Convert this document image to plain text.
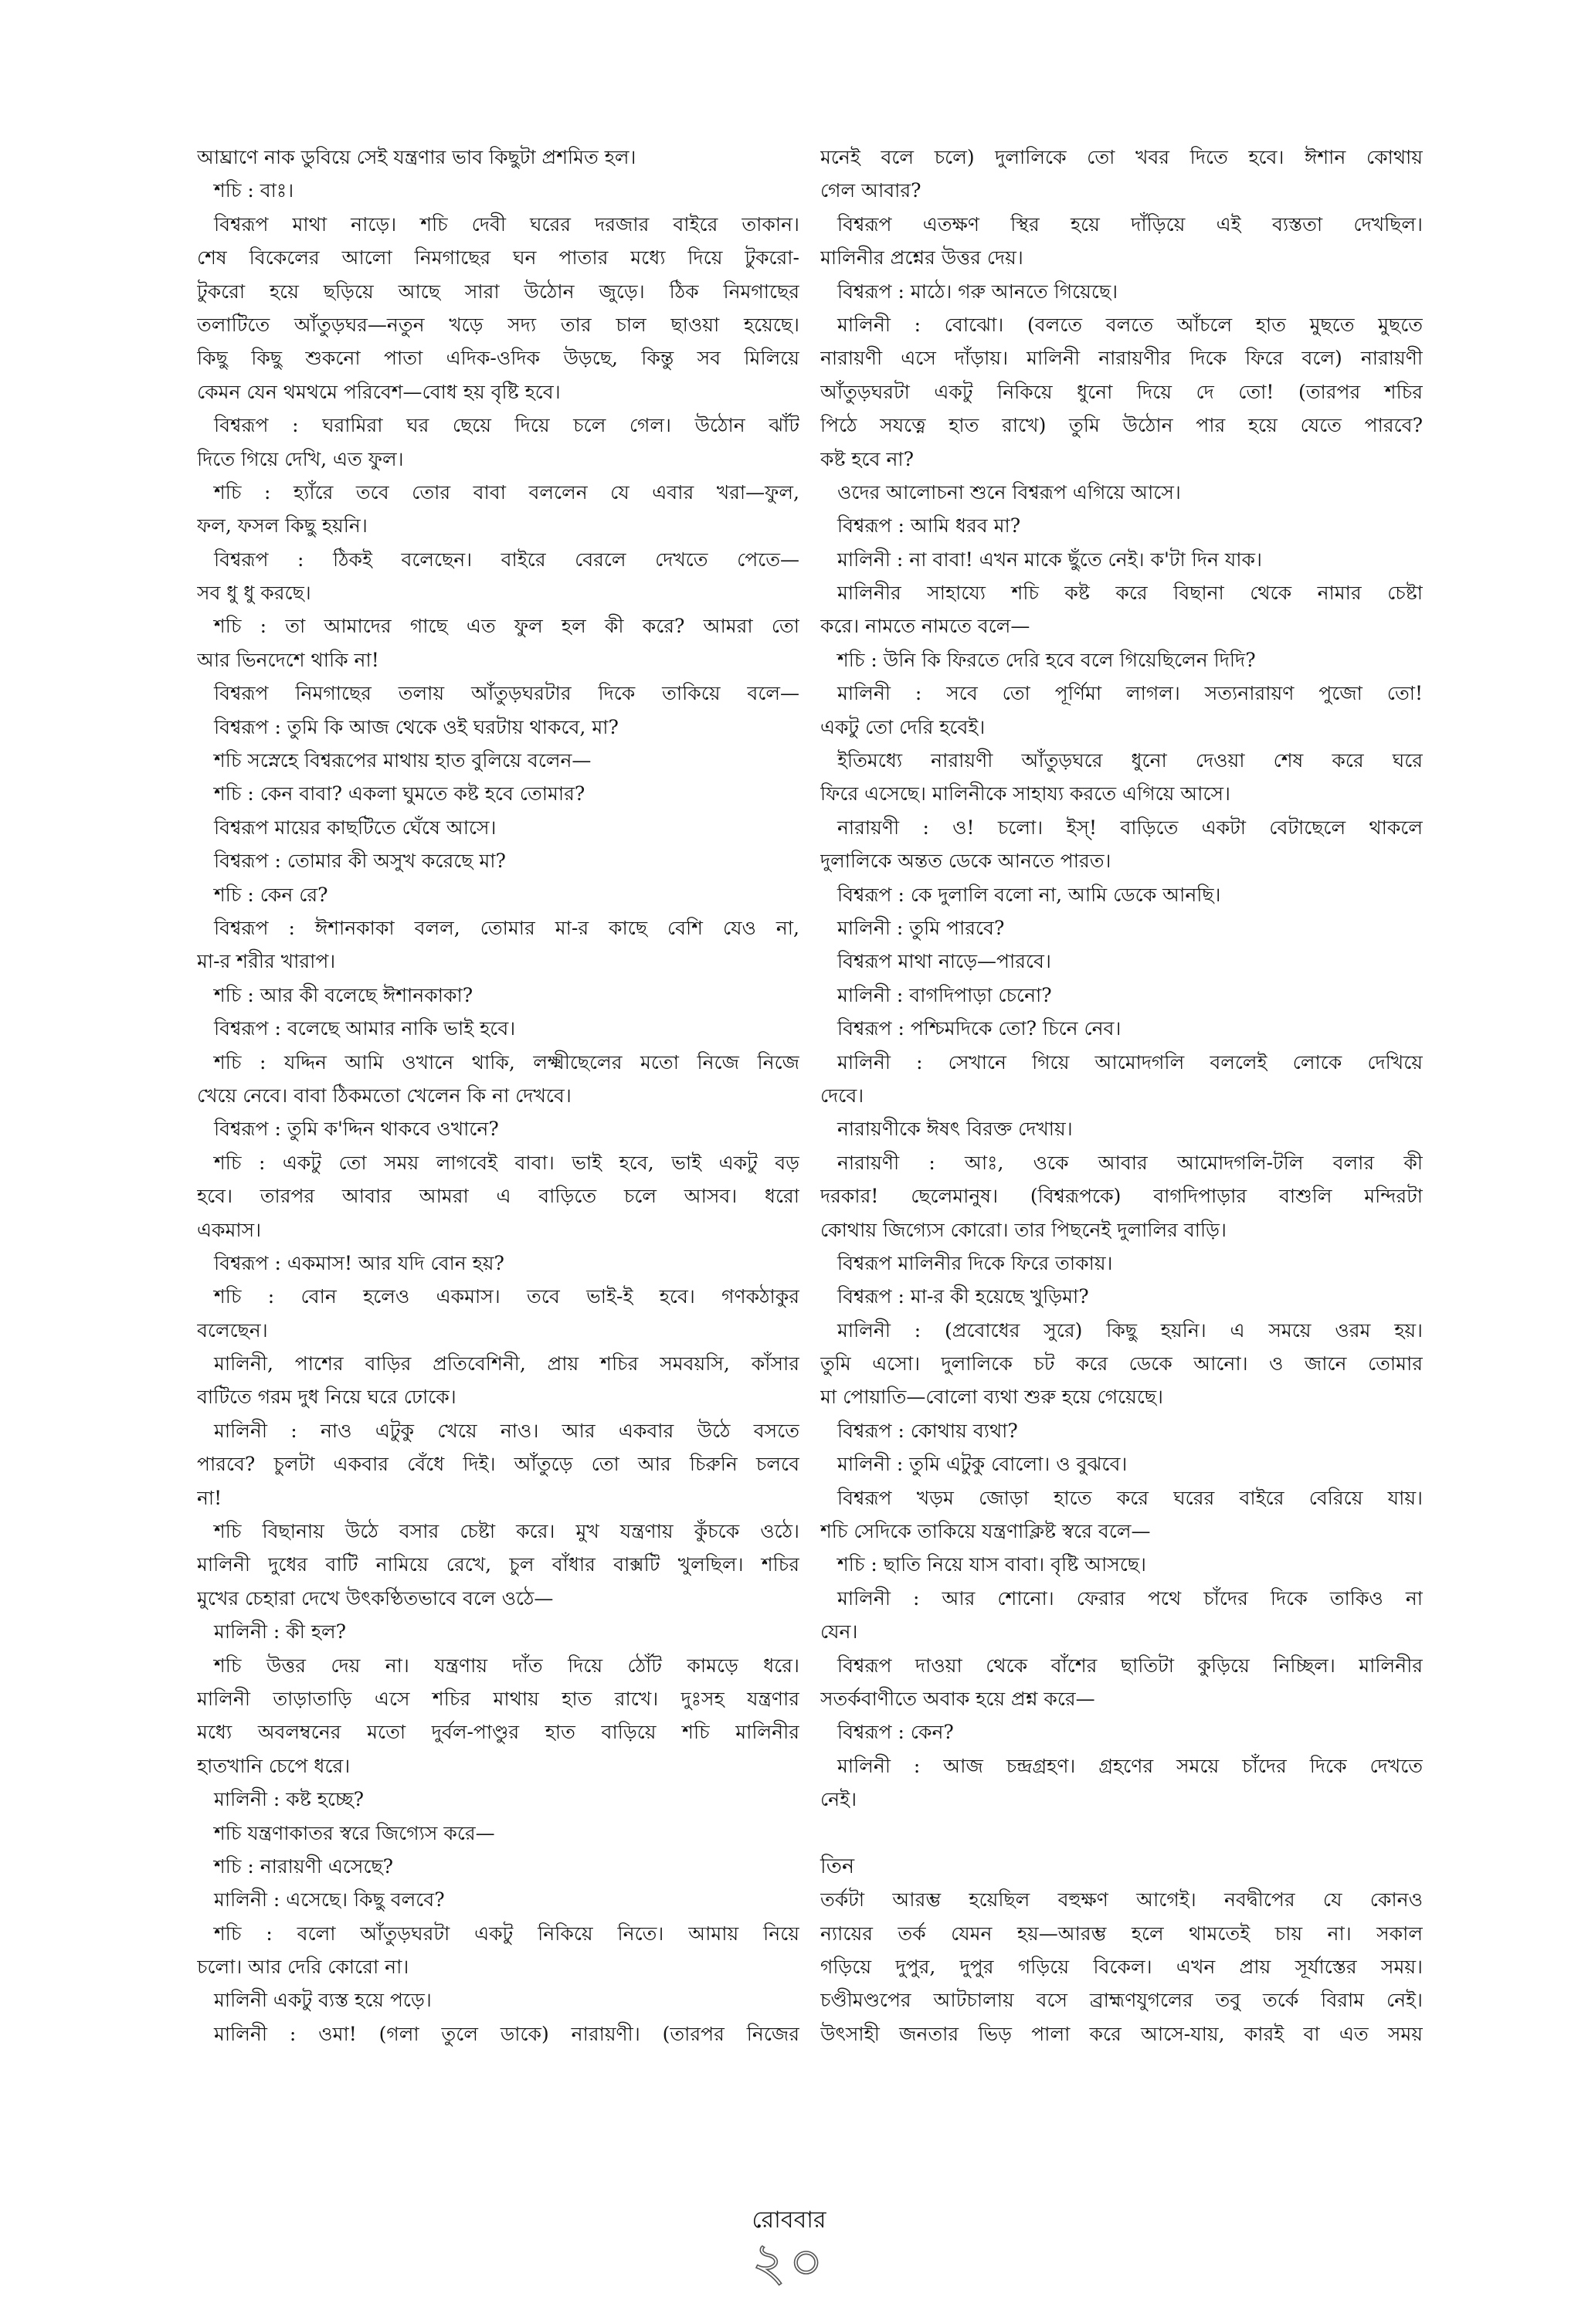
আঘ্রাণে নাক ডুবিয়ে সেই যন্ত্রণার ভাব কিছুটা প্রশমিত হল।
শচি : বাঃ।
বিশ্বরূপ মাথা নাড়ে। শচি দেবী ঘরের দরজার বাইরে তাকান।
শেষ বিকেলের আলো নিমগাছের ঘন পাতার মধ্যে দিয়ে টুকরো-
টুকরো হয়ে ছড়িয়ে আছে সারা উঠোন জুড়ে। ঠিক নিমগাছের
তলাটিতে আঁতুড়ঘর—নতুন খড়ে সদ্য তার চাল ছাওয়া হয়েছে।
কিছু কিছু শুকনো পাতা এদিক-ওদিক উড়ছে, কিন্তু সব মিলিয়ে
কেমন যেন থমথমে পরিবেশ—বোধ হয় বৃষ্টি হবে।
বিশ্বরূপ : ঘরামিরা ঘর ছেয়ে দিয়ে চলে গেল। উঠোন ঝাঁট
দিতে গিয়ে দেখি, এত ফুল।
শচি : হ্যাঁরে তবে তোর বাবা বললেন যে এবার খরা—ফুল,
ফল, ফসল কিছু হয়নি।
বিশ্বরূপ : ঠিকই বলেছেন। বাইরে বেরলে দেখতে পেতে—
সব ধু ধু করছে।
শচি : তা আমাদের গাছে এত ফুল হল কী করে? আমরা তো
আর ভিনদেশে থাকি না!
বিশ্বরূপ নিমগাছের তলায় আঁতুড়ঘরটার দিকে তাকিয়ে বলে—
বিশ্বরূপ : তুমি কি আজ থেকে ওই ঘরটায় থাকবে, মা?
শচি সস্নেহে বিশ্বরূপের মাথায় হাত বুলিয়ে বলেন—
শচি : কেন বাবা? একলা ঘুমতে কষ্ট হবে তোমার?
বিশ্বরূপ মায়ের কাছটিতে ঘেঁষে আসে।
বিশ্বরূপ : তোমার কী অসুখ করেছে মা?
শচি : কেন রে?
বিশ্বরূপ : ঈশানকাকা বলল, তোমার মা-র কাছে বেশি যেও না,
মা-র শরীর খারাপ।
শচি : আর কী বলেছে ঈশানকাকা?
বিশ্বরূপ : বলেছে আমার নাকি ভাই হবে।
শচি : যদ্দিন আমি ওখানে থাকি, লক্ষ্মীছেলের মতো নিজে নিজে
খেয়ে নেবে। বাবা ঠিকমতো খেলেন কি না দেখবে।
বিশ্বরূপ : তুমি ক'দ্দিন থাকবে ওখানে?
শচি : একটু তো সময় লাগবেই বাবা। ভাই হবে, ভাই একটু বড়
হবে। তারপর আবার আমরা এ বাড়িতে চলে আসব। ধরো
একমাস।
বিশ্বরূপ : একমাস! আর যদি বোন হয়?
শচি : বোন হলেও একমাস। তবে ভাই-ই হবে। গণকঠাকুর
বলেছেন।
মালিনী, পাশের বাড়ির প্রতিবেশিনী, প্রায় শচির সমবয়সি, কাঁসার
বাটিতে গরম দুধ নিয়ে ঘরে ঢোকে।
মালিনী : নাও এটুকু খেয়ে নাও। আর একবার উঠে বসতে
পারবে? চুলটা একবার বেঁধে দিই। আঁতুড়ে তো আর চিরুনি চলবে
না!
শচি বিছানায় উঠে বসার চেষ্টা করে। মুখ যন্ত্রণায় কুঁচকে ওঠে।
মালিনী দুধের বাটি নামিয়ে রেখে, চুল বাঁধার বাক্সটি খুলছিল। শচির
মুখের চেহারা দেখে উৎকণ্ঠিতভাবে বলে ওঠে—
মালিনী : কী হল?
শচি উত্তর দেয় না। যন্ত্রণায় দাঁত দিয়ে ঠোঁট কামড়ে ধরে।
মালিনী তাড়াতাড়ি এসে শচির মাথায় হাত রাখে। দুঃসহ যন্ত্রণার
মধ্যে অবলম্বনের মতো দুর্বল-পাণ্ডুর হাত বাড়িয়ে শচি মালিনীর
হাতখানি চেপে ধরে।
মালিনী : কষ্ট হচ্ছে?
শচি যন্ত্রণাকাতর স্বরে জিগ্যেস করে—
শচি : নারায়ণী এসেছে?
মালিনী : এসেছে। কিছু বলবে?
শচি : বলো আঁতুড়ঘরটা একটু নিকিয়ে নিতে। আমায় নিয়ে
চলো। আর দেরি কোরো না।
মালিনী একটু ব্যস্ত হয়ে পড়ে।
মালিনী : ওমা! (গলা তুলে ডাকে) নারায়ণী। (তারপর নিজের
মনেই বলে চলে) দুলালিকে তো খবর দিতে হবে। ঈশান কোথায়
গেল আবার?
বিশ্বরূপ এতক্ষণ স্থির হয়ে দাঁড়িয়ে এই ব্যস্ততা দেখছিল।
মালিনীর প্রশ্নের উত্তর দেয়।
বিশ্বরূপ : মাঠে। গরু আনতে গিয়েছে।
মালিনী : বোঝো। (বলতে বলতে আঁচলে হাত মুছতে মুছতে
নারায়ণী এসে দাঁড়ায়। মালিনী নারায়ণীর দিকে ফিরে বলে) নারায়ণী
আঁতুড়ঘরটা একটু নিকিয়ে ধুনো দিয়ে দে তো! (তারপর শচির
পিঠে সযত্নে হাত রাখে) তুমি উঠোন পার হয়ে যেতে পারবে?
কষ্ট হবে না?
ওদের আলোচনা শুনে বিশ্বরূপ এগিয়ে আসে।
বিশ্বরূপ : আমি ধরব মা?
মালিনী : না বাবা! এখন মাকে ছুঁতে নেই। ক'টা দিন যাক।
মালিনীর সাহায্যে শচি কষ্ট করে বিছানা থেকে নামার চেষ্টা
করে। নামতে নামতে বলে—
শচি : উনি কি ফিরতে দেরি হবে বলে গিয়েছিলেন দিদি?
মালিনী : সবে তো পূর্ণিমা লাগল। সত্যনারায়ণ পুজো তো!
একটু তো দেরি হবেই।
ইতিমধ্যে নারায়ণী আঁতুড়ঘরে ধুনো দেওয়া শেষ করে ঘরে
ফিরে এসেছে। মালিনীকে সাহায্য করতে এগিয়ে আসে।
নারায়ণী : ও! চলো। ইস্! বাড়িতে একটা বেটাছেলে থাকলে
দুলালিকে অন্তত ডেকে আনতে পারত।
বিশ্বরূপ : কে দুলালি বলো না, আমি ডেকে আনছি।
মালিনী : তুমি পারবে?
বিশ্বরূপ মাথা নাড়ে—পারবে।
মালিনী : বাগদিপাড়া চেনো?
বিশ্বরূপ : পশ্চিমদিকে তো? চিনে নেব।
মালিনী : সেখানে গিয়ে আমোদগলি বললেই লোকে দেখিয়ে
দেবে।
নারায়ণীকে ঈষৎ বিরক্ত দেখায়।
নারায়ণী : আঃ, ওকে আবার আমোদগলি-টলি বলার কী
দরকার! ছেলেমানুষ। (বিশ্বরূপকে) বাগদিপাড়ার বাশুলি মন্দিরটা
কোথায় জিগ্যেস কোরো। তার পিছনেই দুলালির বাড়ি।
বিশ্বরূপ মালিনীর দিকে ফিরে তাকায়।
বিশ্বরূপ : মা-র কী হয়েছে খুড়িমা?
মালিনী : (প্রবোধের সুরে) কিছু হয়নি। এ সময়ে ওরম হয়।
তুমি এসো। দুলালিকে চট করে ডেকে আনো। ও জানে তোমার
মা পোয়াতি—বোলো ব্যথা শুরু হয়ে গেয়েছে।
বিশ্বরূপ : কোথায় ব্যথা?
মালিনী : তুমি এটুকু বোলো। ও বুঝবে।
বিশ্বরূপ খড়ম জোড়া হাতে করে ঘরের বাইরে বেরিয়ে যায়।
শচি সেদিকে তাকিয়ে যন্ত্রণাক্লিষ্ট স্বরে বলে—
শচি : ছাতি নিয়ে যাস বাবা। বৃষ্টি আসছে।
মালিনী : আর শোনো। ফেরার পথে চাঁদের দিকে তাকিও না
যেন।
বিশ্বরূপ দাওয়া থেকে বাঁশের ছাতিটা কুড়িয়ে নিচ্ছিল। মালিনীর
সতর্কবাণীতে অবাক হয়ে প্রশ্ন করে—
বিশ্বরূপ : কেন?
মালিনী : আজ চন্দ্রগ্রহণ। গ্রহণের সময়ে চাঁদের দিকে দেখতে
নেই।
তিন
তর্কটা আরম্ভ হয়েছিল বহুক্ষণ আগেই। নবদ্বীপের যে কোনও
ন্যায়ের তর্ক যেমন হয়—আরম্ভ হলে থামতেই চায় না। সকাল
গড়িয়ে দুপুর, দুপুর গড়িয়ে বিকেল। এখন প্রায় সূর্যাস্তের সময়।
চণ্ডীমণ্ডপের আটচালায় বসে ব্রাহ্মণযুগলের তবু তর্কে বিরাম নেই।
উৎসাহী জনতার ভিড় পালা করে আসে-যায়, কারই বা এত সময়
রোববার
২০
